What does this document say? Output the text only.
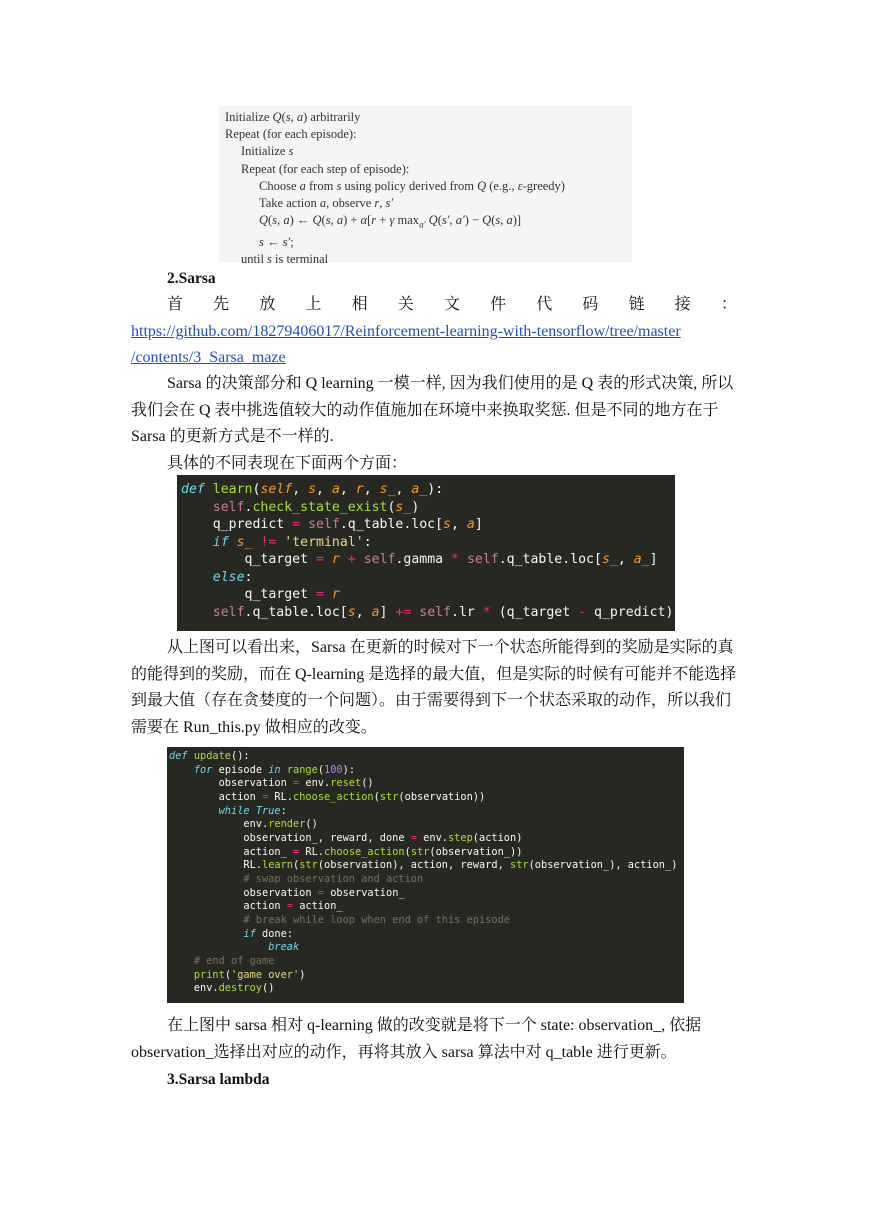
Initialize Q(s, a) arbitrarily
Repeat (for each episode):
Initialize s
Repeat (for each step of episode):
Choose a from s using policy derived from Q (e.g., ε-greedy)
Take action a, observe r, s′
Q(s, a) ← Q(s, a) + α[r + γ $\max_{a'} Q(s'$, a′) − Q(s, a)]
s ← s′;
until s is terminal
2.Sarsa
首 先 放 上 相 关 文 件 代 码 链 接 ：
https://github.com/18279406017/Reinforcement-learning-with-tensorflow/tree/master
/contents/3_Sarsa_maze
Sarsa 的决策部分和 Q learning 一模一样, 因为我们使用的是 Q 表的形式决策, 所以我们会在 Q 表中挑选值较大的动作值施加在环境中来换取奖惩. 但是不同的地方在于 Sarsa 的更新方式是不一样的.
具体的不同表现在下面两个方面：
def learn(self, s, a, r, s_, a_):
self.check_state_exist(s_)
q_predict = self.q_table.loc[s, a]
if s_ != 'terminal':
q_target = r + self.gamma * self.q_table.loc[s_, a_]
else:
q_target = r
self.q_table.loc[s, a] += self.lr * (q_target - q_predict)
从上图可以看出来，Sarsa 在更新的时候对下一个状态所能得到的奖励是实际的真的能得到的奖励，而在 Q-learning 是选择的最大值，但是实际的时候有可能并不能选择到最大值（存在贪婪度的一个问题）。由于需要得到下一个状态采取的动作，所以我们需要在 Run_this.py 做相应的改变。
def update():
for episode in range(100):
observation = env.reset()
action = RL.choose_action(str(observation))
while True:
env.render()
observation_, reward, done = env.step(action)
action_ = RL.choose_action(str(observation_))
RL.learn(str(observation), action, reward, str(observation_), action_)
# swap observation and action
observation = observation_
action = action_
# break while loop when end of this episode
if done:
break
# end of game
print('game over')
env.destroy()
在上图中 sarsa 相对 q-learning 做的改变就是将下一个 state: observation_, 依据 observation_选择出对应的动作，再将其放入 sarsa 算法中对 q_table 进行更新。
3.Sarsa lambda
